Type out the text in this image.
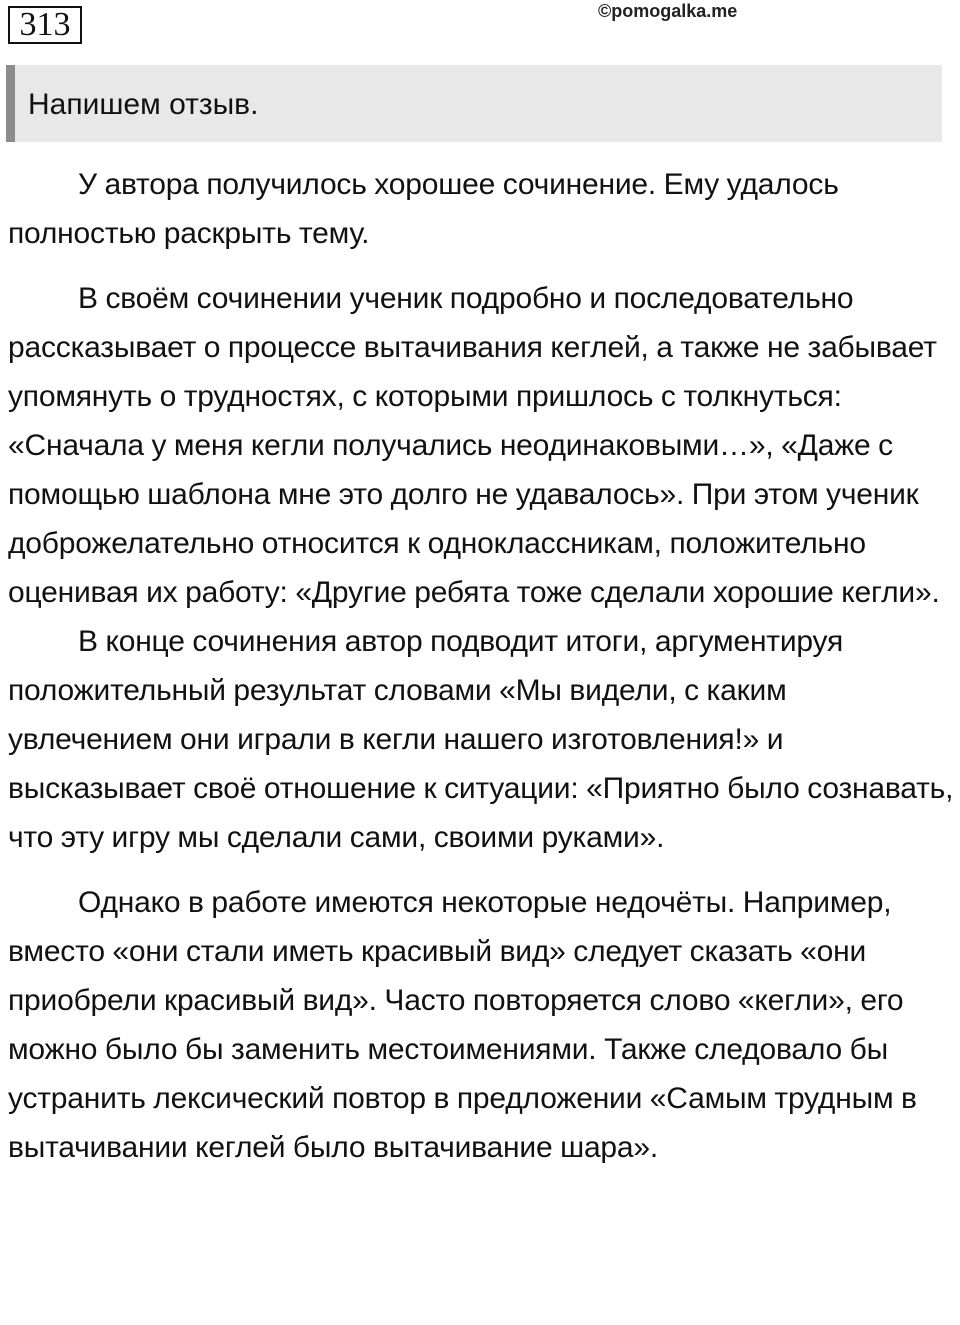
313	©pomogalka.me
Напишем отзыв.

У автора получилось хорошее сочинение. Ему удалось полностью раскрыть тему.

В своём сочинении ученик подробно и последовательно рассказывает о процессе вытачивания кеглей, а также не забывает упомянуть о трудностях, с которыми пришлось с толкнуться: «Сначала у меня кегли получались неодинаковыми…», «Даже с помощью шаблона мне это долго не удавалось». При этом ученик доброжелательно относится к одноклассникам, положительно оценивая их работу: «Другие ребята тоже сделали хорошие кегли».

В конце сочинения автор подводит итоги, аргументируя положительный результат словами «Мы видели, с каким увлечением они играли в кегли нашего изготовления!» и высказывает своё отношение к ситуации: «Приятно было сознавать, что эту игру мы сделали сами, своими руками».

Однако в работе имеются некоторые недочёты. Например, вместо «они стали иметь красивый вид» следует сказать «они приобрели красивый вид». Часто повторяется слово «кегли», его можно было бы заменить местоимениями. Также следовало бы устранить лексический повтор в предложении «Самым трудным в вытачивании кеглей было вытачивание шара».
